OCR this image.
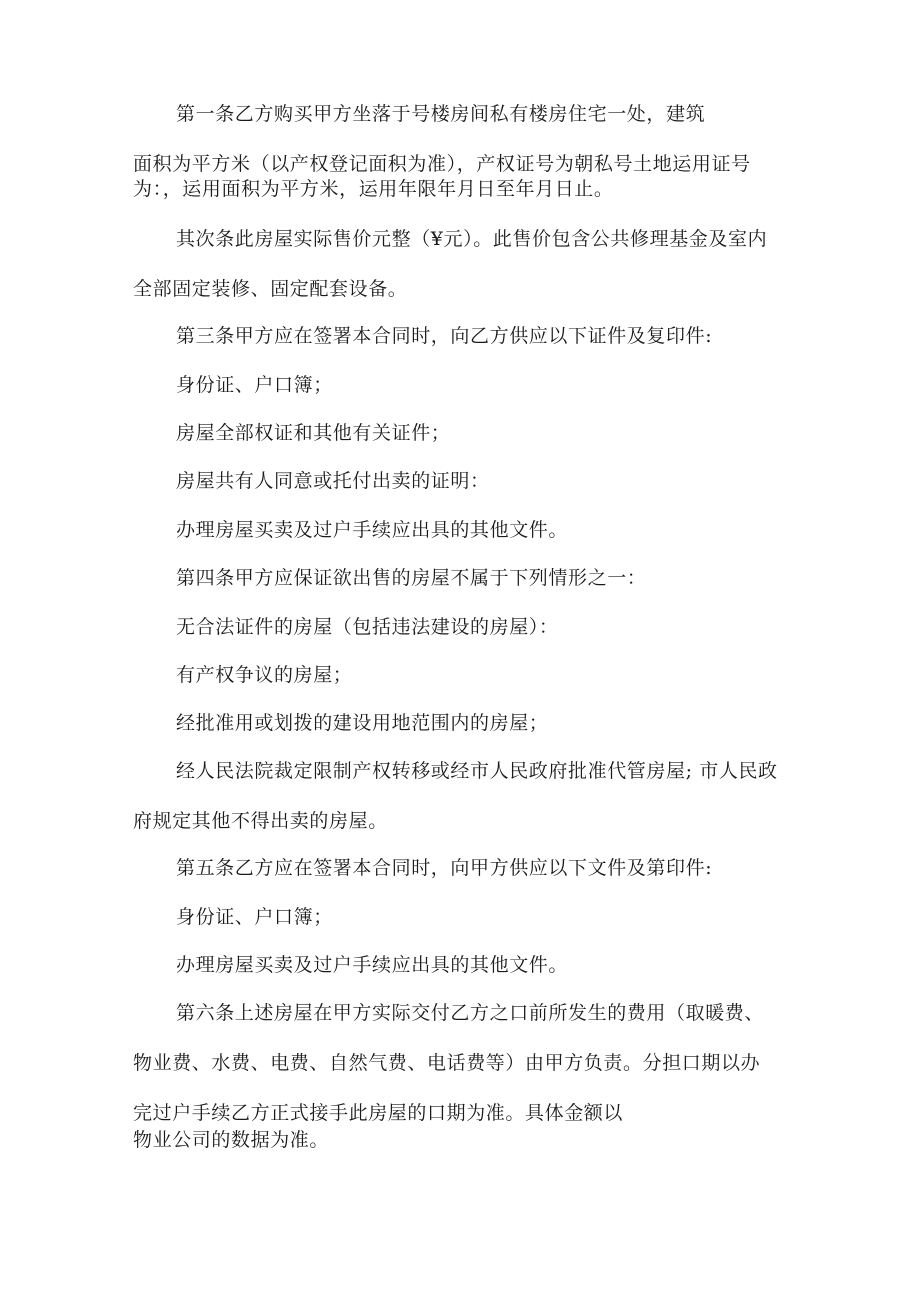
第一条乙方购买甲方坐落于号楼房间私有楼房住宅一处，建筑
面积为平方米（以产权登记面积为准），产权证号为朝私号土地运用证号
为：，运用面积为平方米，运用年限年月日至年月日止。
其次条此房屋实际售价元整（¥元）。此售价包含公共修理基金及室内
全部固定装修、固定配套设备。
第三条甲方应在签署本合同时，向乙方供应以下证件及复印件:
身份证、户口簿；
房屋全部权证和其他有关证件；
房屋共有人同意或托付出卖的证明：
办理房屋买卖及过户手续应出具的其他文件。
第四条甲方应保证欲出售的房屋不属于下列情形之一：
无合法证件的房屋（包括违法建设的房屋）：
有产权争议的房屋；
经批准用或划拨的建设用地范围内的房屋；
经人民法院裁定限制产权转移或经市人民政府批准代管房屋; 市人民政
府规定其他不得出卖的房屋。
第五条乙方应在签署本合同时，向甲方供应以下文件及第印件:
身份证、户口簿；
办理房屋买卖及过户手续应出具的其他文件。
第六条上述房屋在甲方实际交付乙方之口前所发生的费用（取暖费、
物业费、水费、电费、自然气费、电话费等）由甲方负责。分担口期以办
完过户手续乙方正式接手此房屋的口期为准。具体金额以
物业公司的数据为准。
